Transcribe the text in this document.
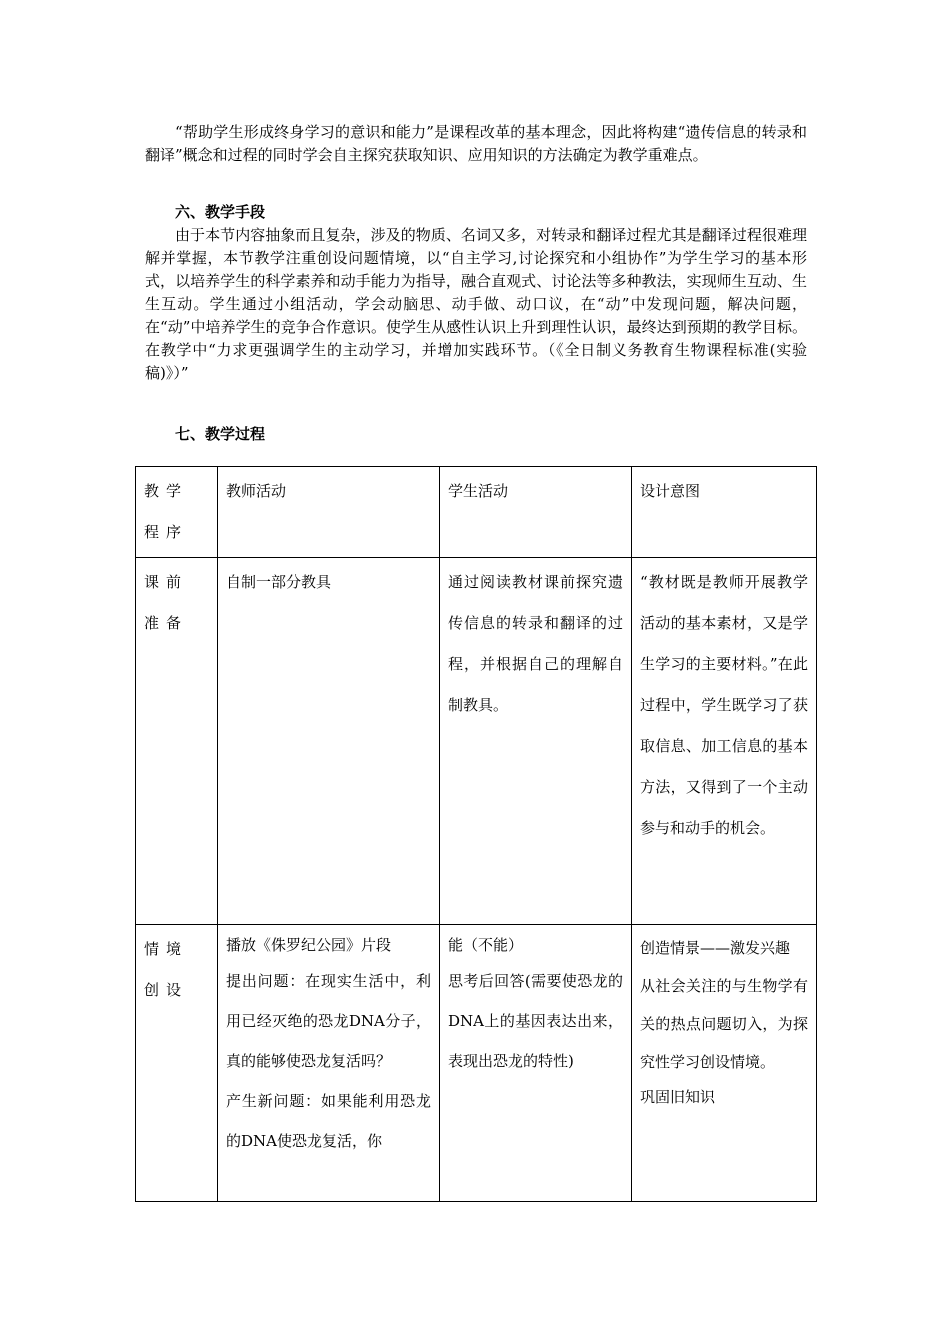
“帮助学生形成终身学习的意识和能力”是课程改革的基本理念，因此将构建“遗传信息的转录和翻译”概念和过程的同时学会自主探究获取知识、应用知识的方法确定为教学重难点。

六、教学手段

由于本节内容抽象而且复杂，涉及的物质、名词又多，对转录和翻译过程尤其是翻译过程很难理解并掌握，本节教学注重创设问题情境，以“自主学习,讨论探究和小组协作”为学生学习的基本形式，以培养学生的科学素养和动手能力为指导，融合直观式、讨论法等多种教法，实现师生互动、生生互动。学生通过小组活动，学会动脑思、动手做、动口议，在“动”中发现问题，解决问题，在“动”中培养学生的竞争合作意识。使学生从感性认识上升到理性认识，最终达到预期的教学目标。在教学中“力求更强调学生的主动学习，并增加实践环节。（《全日制义务教育生物课程标准(实验稿)》）”

七、教学过程

教学程序	教师活动	学生活动	设计意图

课前准备	自制一部分教具	通过阅读教材课前探究遗传信息的转录和翻译的过程，并根据自己的理解自制教具。	“教材既是教师开展教学活动的基本素材，又是学生学习的主要材料。”在此过程中，学生既学习了获取信息、加工信息的基本方法，又得到了一个主动参与和动手的机会。

情境创设	播放《侏罗纪公园》片段
提出问题：在现实生活中，利用已经灭绝的恐龙DNA分子，真的能够使恐龙复活吗？
产生新问题：如果能利用恐龙的DNA使恐龙复活，你	能（不能）
思考后回答(需要使恐龙的DNA上的基因表达出来，表现出恐龙的特性)	创造情景——激发兴趣
从社会关注的与生物学有关的热点问题切入，为探究性学习创设情境。
巩固旧知识
